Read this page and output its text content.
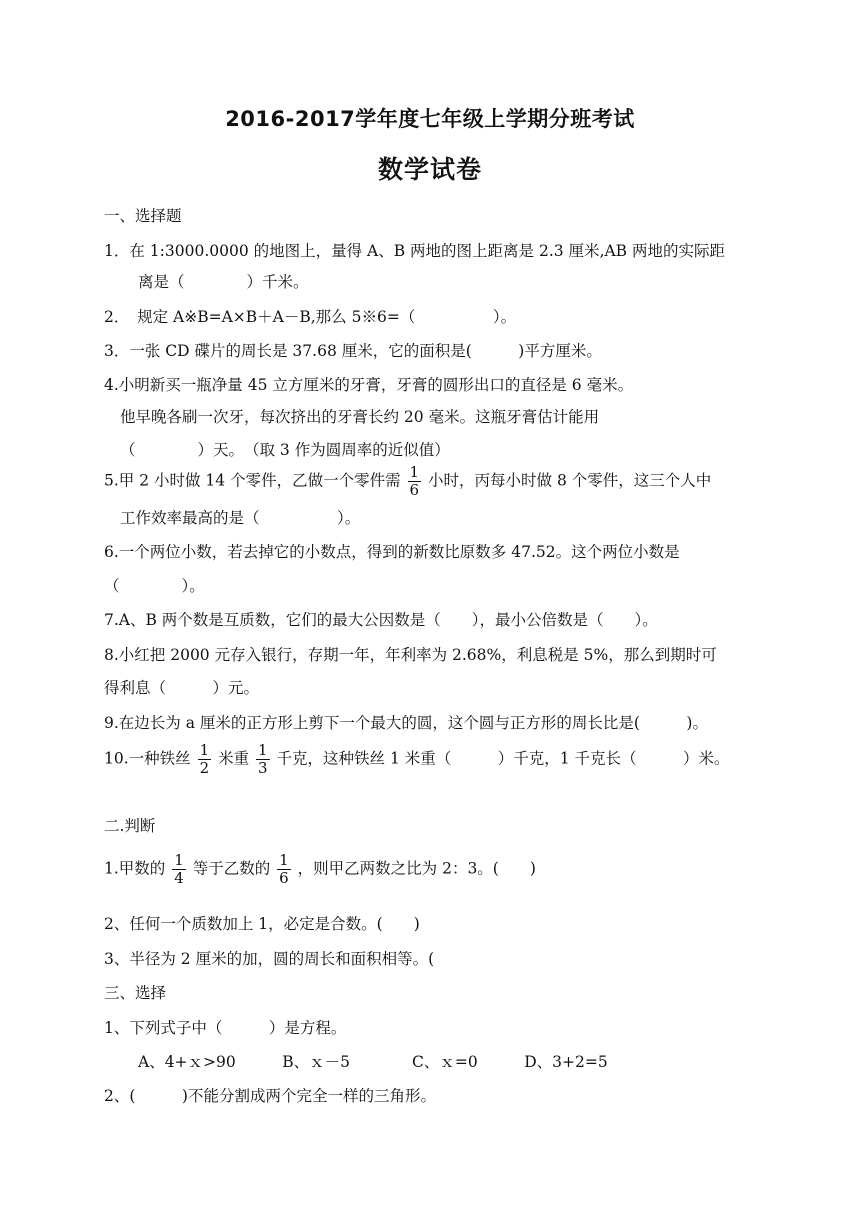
2016-2017学年度七年级上学期分班考试
数学试卷
一、选择题
1．在 1:3000.0000 的地图上，量得 A、B 两地的图上距离是 2.3 厘米,AB 两地的实际距
离是（　　　　）千米。
2．　规定 A※B=A×B＋A－B,那么 5※6=（　　　　　）。
3．一张 CD 碟片的周长是 37.68 厘米，它的面积是(　　　)平方厘米。
4.小明新买一瓶净量 45 立方厘米的牙膏，牙膏的圆形出口的直径是 6 毫米。
他早晚各刷一次牙，每次挤出的牙膏长约 20 毫米。这瓶牙膏估计能用
（　　　　）天。　（取 3 作为圆周率的近似值）
5.甲 2 小时做 14 个零件，乙做一个零件需 $\frac{1}{6}$ 小时，丙每小时做 8 个零件，这三个人中
工作效率最高的是（　　　　　）。
6.一个两位小数，若去掉它的小数点，得到的新数比原数多 47.52。这个两位小数是
（　　　　）。
7.A、B 两个数是互质数，它们的最大公因数是（　　），最小公倍数是（　　）。
8.小红把 2000 元存入银行，存期一年，年利率为 2.68%，利息税是 5%，那么到期时可
得利息（　　　）元。
9.在边长为 a 厘米的正方形上剪下一个最大的圆，这个圆与正方形的周长比是(　　　)。
10.一种铁丝 $\frac{1}{2}$ 米重 $\frac{1}{3}$ 千克，这种铁丝 1 米重（　　　）千克，1 千克长（　　　）米。
二.判断
1.甲数的 $\frac{1}{4}$ 等于乙数的 $\frac{1}{6}$ ，则甲乙两数之比为 2：3。(　　)
2、任何一个质数加上 1，必定是合数。(　　)
3、半径为 2 厘米的加，圆的周长和面积相等。(
三、选择
1、下列式子中（　　　）是方程。
A、4+ｘ>90　　　B、ｘ－5　　　　C、ｘ=0　　　D、3+2=5
2、(　　　)不能分割成两个完全一样的三角形。
